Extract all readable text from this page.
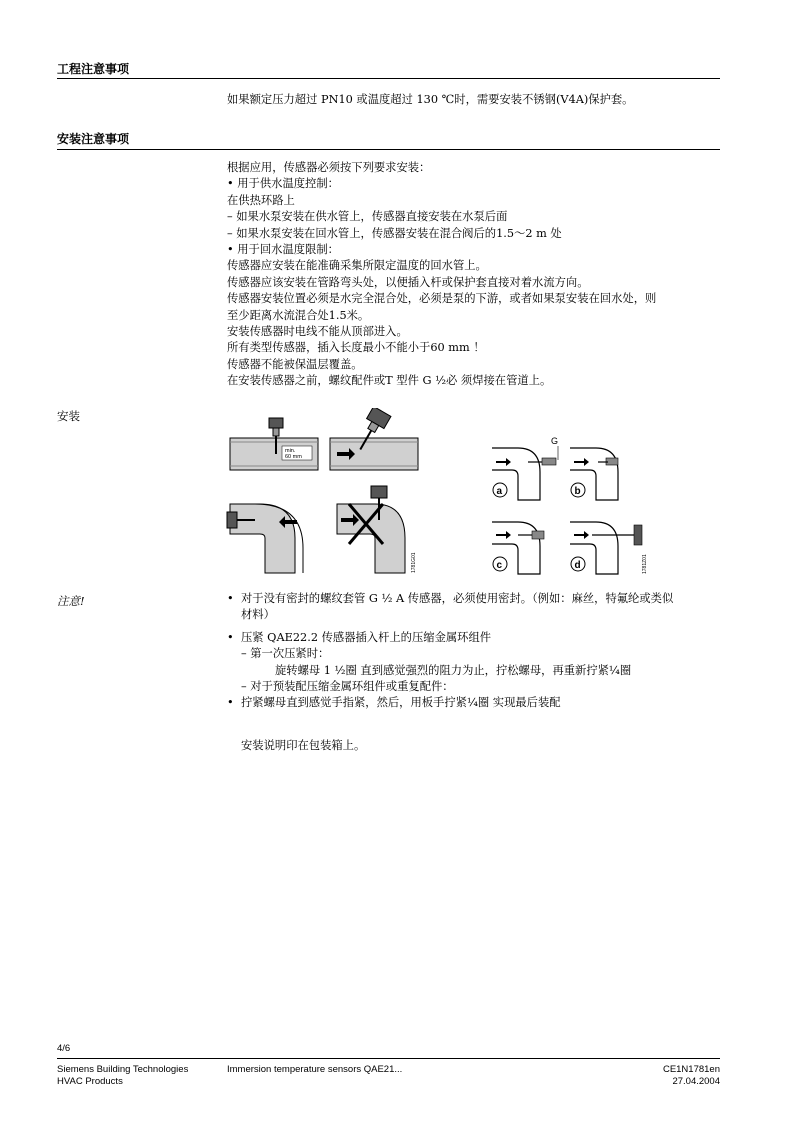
工程注意事项
如果额定压力超过 PN10 或温度超过 130 ℃时，需要安装不锈钢(V4A)保护套。
安装注意事项
根据应用，传感器必须按下列要求安装：
• 用于供水温度控制：
在供热环路上
– 如果水泵安装在供水管上，传感器直接安装在水泵后面
– 如果水泵安装在回水管上，传感器安装在混合阀后的1.5～2 m 处
• 用于回水温度限制：
传感器应安装在能准确采集所限定温度的回水管上。
传感器应该安装在管路弯头处，以便插入杆或保护套直接对着水流方向。
传感器安装位置必须是水完全混合处，必须是泵的下游，或者如果泵安装在回水处，则
至少距离水流混合处1.5米。
安装传感器时电线不能从顶部进入。
所有类型传感器，插入长度最小不能小于60 mm ！
传感器不能被保温层覆盖。
在安装传感器之前，螺纹配件或T 型件 G ½必 须焊接在管道上。
安装
min.
60 mm
1781G01
G
a	b
c	d	1781Z01
注意!	• 对于没有密封的螺纹套管 G ½ A 传感器，必须使用密封。（例如：麻丝，特氟纶或类似
材料）
• 压紧 QAE22.2 传感器插入杆上的压缩金属环组件
– 第一次压紧时：
旋转螺母 1 ½圈 直到感觉强烈的阻力为止，拧松螺母，再重新拧紧¼圈
– 对于预装配压缩金属环组件或重复配件：
• 拧紧螺母直到感觉手指紧，然后，用板手拧紧¼圈 实现最后装配
安装说明印在包装箱上。
4/6
Siemens Building Technologies
HVAC Products
Immersion temperature sensors QAE21...	CE1N1781en
27.04.2004
